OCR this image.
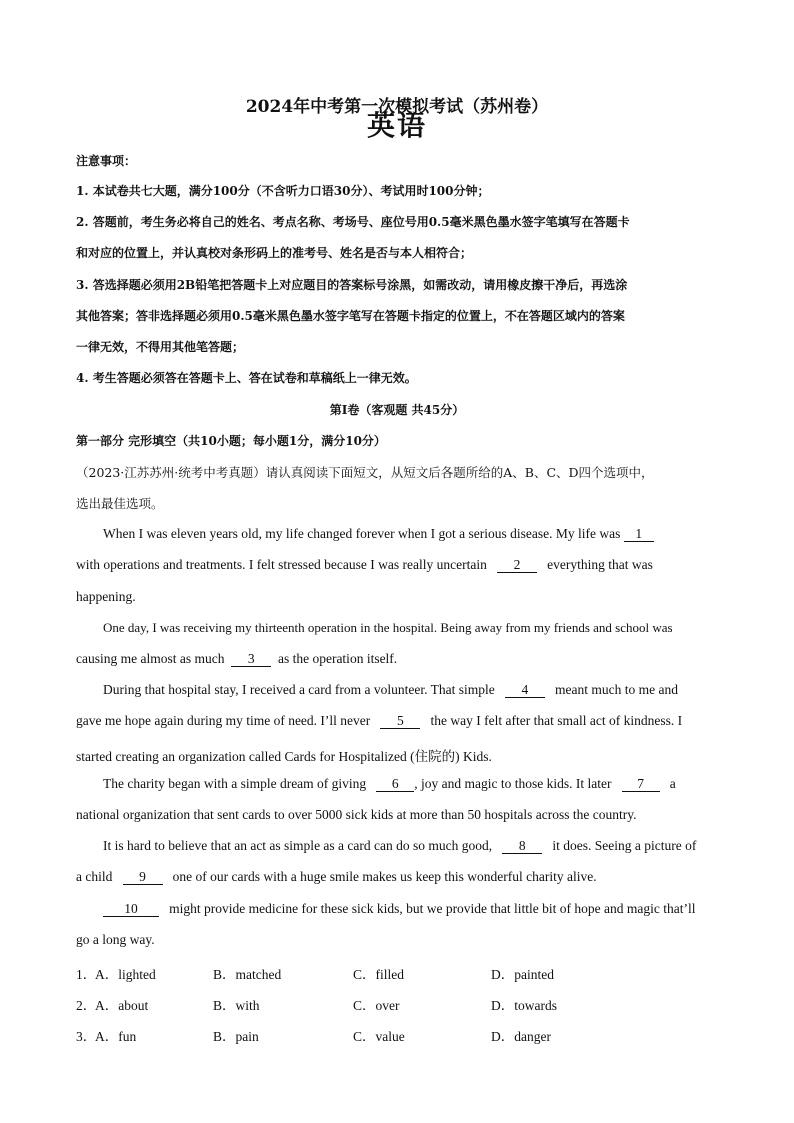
2024年中考第一次模拟考试（苏州卷）
英语
注意事项：
1. 本试卷共七大题，满分100分（不含听力口语30分）、考试用时100分钟；
2. 答题前，考生务必将自己的姓名、考点名称、考场号、座位号用0.5毫米黑色墨水签字笔填写在答题卡
和对应的位置上，并认真校对条形码上的准考号、姓名是否与本人相符合；
3. 答选择题必须用2B铅笔把答题卡上对应题目的答案标号涂黑，如需改动，请用橡皮擦干净后，再选涂
其他答案；答非选择题必须用0.5毫米黑色墨水签字笔写在答题卡指定的位置上，不在答题区域内的答案
一律无效，不得用其他笔答题；
4. 考生答题必须答在答题卡上、答在试卷和草稿纸上一律无效。
第Ⅰ卷（客观题 共45分）
第一部分 完形填空（共10小题；每小题1分，满分10分）
（2023·江苏苏州·统考中考真题）请认真阅读下面短文，从短文后各题所给的A、B、C、D四个选项中，
选出最佳选项。
When I was eleven years old, my life changed forever when I got a serious disease. My life was 1
with operations and treatments. I felt stressed because I was really uncertain 2 everything that was
happening.
One day, I was receiving my thirteenth operation in the hospital. Being away from my friends and school was
causing me almost as much 3 as the operation itself.
During that hospital stay, I received a card from a volunteer. That simple 4 meant much to me and
gave me hope again during my time of need. I’ll never 5 the way I felt after that small act of kindness. I
started creating an organization called Cards for Hospitalized (住院的) Kids.
The charity began with a simple dream of giving 6 , joy and magic to those kids. It later 7 a
national organization that sent cards to over 5000 sick kids at more than 50 hospitals across the country.
It is hard to believe that an act as simple as a card can do so much good, 8 it does. Seeing a picture of
a child 9 one of our cards with a huge smile makes us keep this wonderful charity alive.
10 might provide medicine for these sick kids, but we provide that little bit of hope and magic that’ll
go a long way.
1．
A．lighted	B．matched	C．filled	D．painted
2．
A．about	B．with	C．over	D．towards
3．
A．fun	B．pain	C．value	D．danger
